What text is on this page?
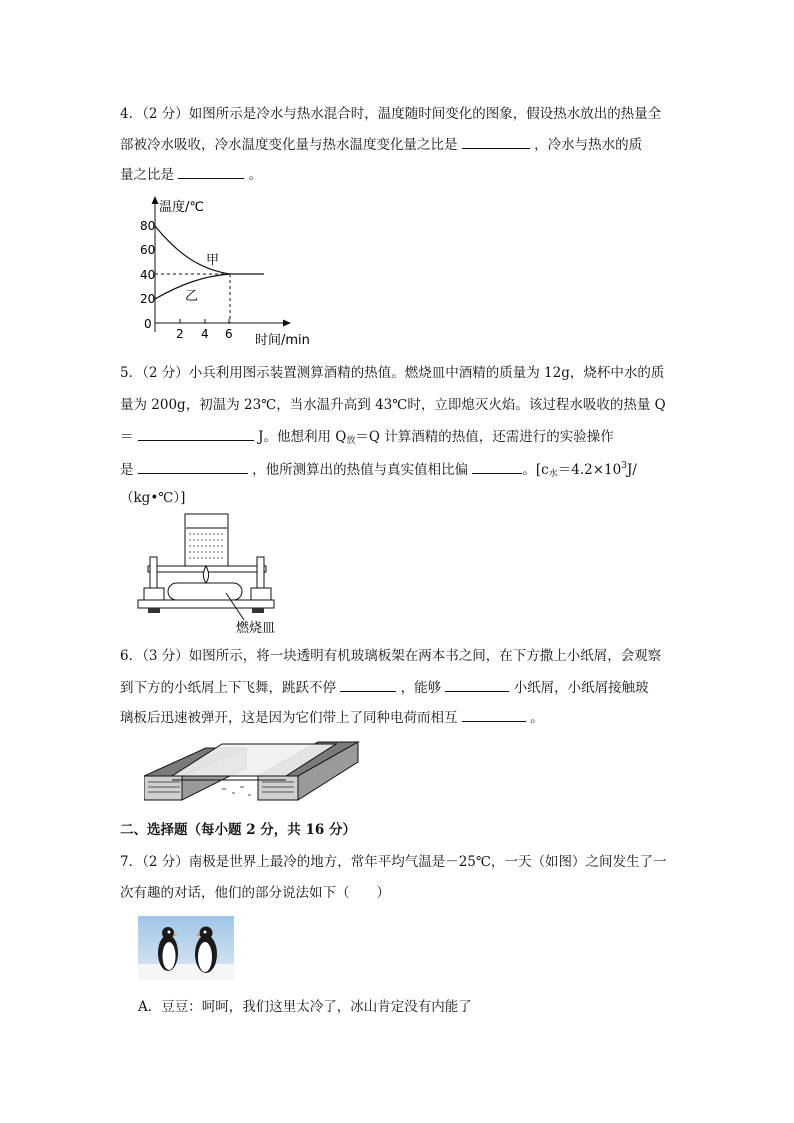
4．（2 分）如图所示是冷水与热水混合时，温度随时间变化的图象，假设热水放出的热量全
部被冷水吸收，冷水温度变化量与热水温度变化量之比是	，冷水与热水的质
量之比是	。
温度/℃
时间/min
80
60
40
20
0
2 4 6
甲
乙
5．（2 分）小兵利用图示装置测算酒精的热值。燃烧皿中酒精的质量为 12g，烧杯中水的质
量为 200g，初温为 23℃，当水温升高到 43℃时，立即熄灭火焰。该过程水吸收的热量 Q
＝	J。他想利用 $Q_放=Q$ 计算酒精的热值，还需进行的实验操作
是	，他所测算出的热值与真实值相比偏	。[$c_水=4.2\times 10^3J/$
（kg•℃）]
燃烧皿
6．（3 分）如图所示，将一块透明有机玻璃板架在两本书之间，在下方撒上小纸屑，会观察
到下方的小纸屑上下飞舞，跳跃不停	，能够	小纸屑，小纸屑接触玻
璃板后迅速被弹开，这是因为它们带上了同种电荷而相互	。
二、选择题（每小题 2 分，共 16 分）
7．（2 分）南极是世界上最冷的地方，常年平均气温是－25℃，一天（如图）之间发生了一
次有趣的对话，他们的部分说法如下（　　）
A．豆豆：呵呵，我们这里太冷了，冰山肯定没有内能了
